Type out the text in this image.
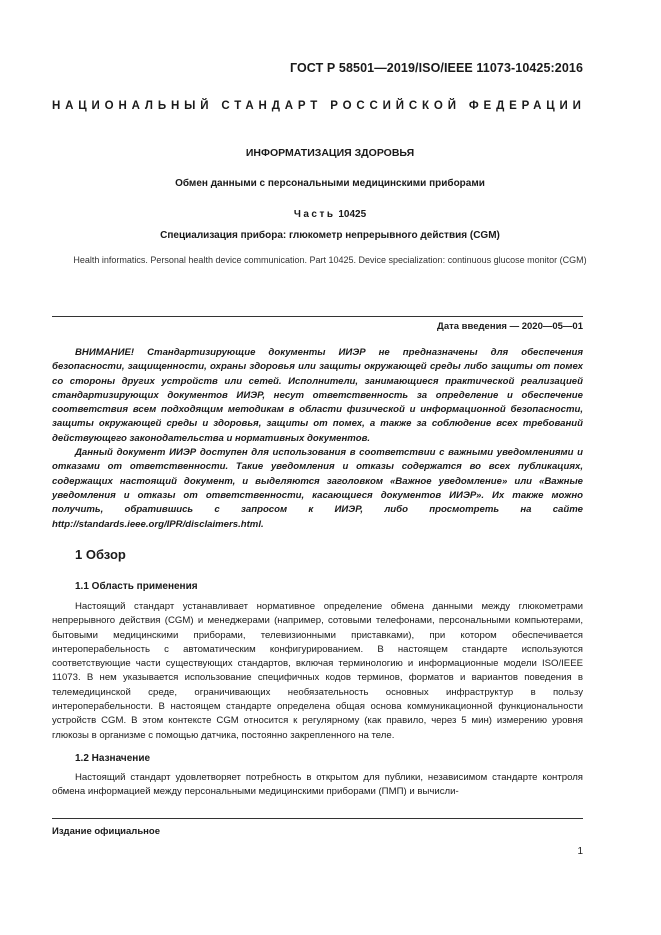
ГОСТ Р 58501—2019/ISO/IEEE 11073-10425:2016
НАЦИОНАЛЬНЫЙ СТАНДАРТ РОССИЙСКОЙ ФЕДЕРАЦИИ
ИНФОРМАТИЗАЦИЯ ЗДОРОВЬЯ
Обмен данными с персональными медицинскими приборами
Часть 10425
Специализация прибора: глюкометр непрерывного действия (CGM)
Health informatics. Personal health device communication. Part 10425. Device specialization: continuous glucose monitor (CGM)
Дата введения — 2020—05—01

ВНИМАНИЕ! Стандартизирующие документы ИИЭР не предназначены для обеспечения безопасности, защищенности, охраны здоровья или защиты окружающей среды либо защиты от помех со стороны других устройств или сетей. Исполнители, занимающиеся практической реализацией стандартизирующих документов ИИЭР, несут ответственность за определение и обеспечение соответствия всем подходящим методикам в области физической и информационной безопасности, защиты окружающей среды и здоровья, защиты от помех, а также за соблюдение всех требований действующего законодательства и нормативных документов.

Данный документ ИИЭР доступен для использования в соответствии с важными уведомлениями и отказами от ответственности. Такие уведомления и отказы содержатся во всех публикациях, содержащих настоящий документ, и выделяются заголовком «Важное уведомление» или «Важные уведомления и отказы от ответственности, касающиеся документов ИИЭР». Их также можно получить, обратившись с запросом к ИИЭР, либо просмотреть на сайте http://standards.ieee.org/IPR/disclaimers.html.

1 Обзор
1.1 Область применения

Настоящий стандарт устанавливает нормативное определение обмена данными между глюкометрами непрерывного действия (CGM) и менеджерами (например, сотовыми телефонами, персональными компьютерами, бытовыми медицинскими приборами, телевизионными приставками), при котором обеспечивается интероперабельность с автоматическим конфигурированием. В настоящем стандарте используются соответствующие части существующих стандартов, включая терминологию и информационные модели ISO/IEEE 11073. В нем указывается использование специфичных кодов терминов, форматов и вариантов поведения в телемедицинской среде, ограничивающих необязательность основных инфраструктур в пользу интероперабельности. В настоящем стандарте определена общая основа коммуникационной функциональности устройств CGM. В этом контексте CGM относится к регулярному (как правило, через 5 мин) измерению уровня глюкозы в организме с помощью датчика, постоянно закрепленного на теле.

1.2 Назначение

Настоящий стандарт удовлетворяет потребность в открытом для публики, независимом стандарте контроля обмена информацией между персональными медицинскими приборами (ПМП) и вычисли-

Издание официальное
1
